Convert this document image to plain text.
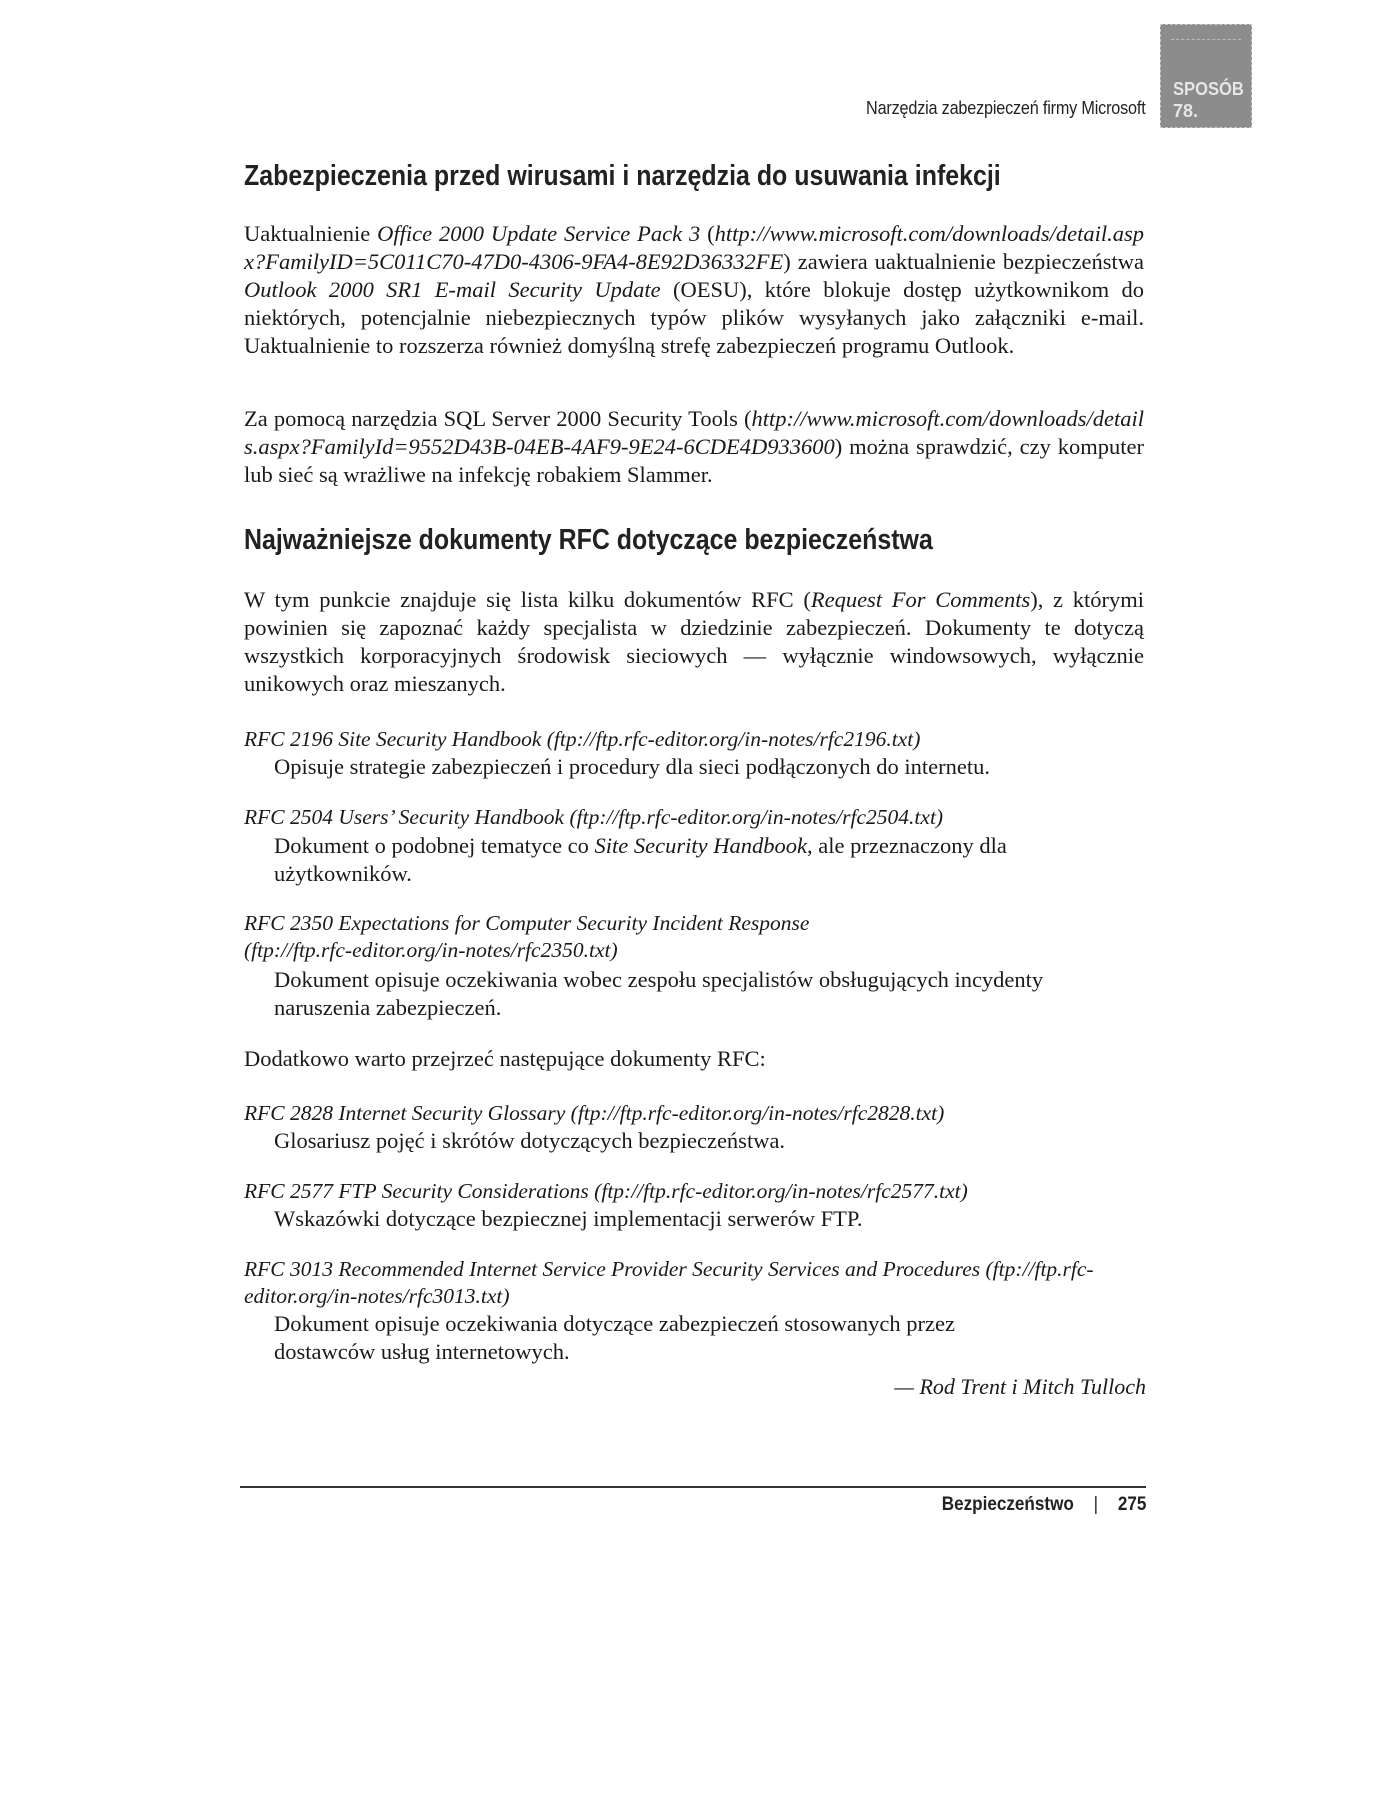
Narzędzia zabezpieczeń firmy Microsoft
SPOSÓB
78.
Zabezpieczenia przed wirusami i narzędzia do usuwania infekcji
Uaktualnienie Office 2000 Update Service Pack 3 (http://www.microsoft.com/downloads/detail.aspx?FamilyID=5C011C70-47D0-4306-9FA4-8E92D36332FE) zawiera uaktualnienie bezpieczeństwa Outlook 2000 SR1 E-mail Security Update (OESU), które blokuje dostęp użytkownikom do niektórych, potencjalnie niebezpiecznych typów plików wysyłanych jako załączniki e-mail. Uaktualnienie to rozszerza również domyślną strefę zabezpieczeń programu Outlook.
Za pomocą narzędzia SQL Server 2000 Security Tools (http://www.microsoft.com/downloads/details.aspx?FamilyId=9552D43B-04EB-4AF9-9E24-6CDE4D933600) można sprawdzić, czy komputer lub sieć są wrażliwe na infekcję robakiem Slammer.
Najważniejsze dokumenty RFC dotyczące bezpieczeństwa
W tym punkcie znajduje się lista kilku dokumentów RFC (Request For Comments), z którymi powinien się zapoznać każdy specjalista w dziedzinie zabezpieczeń. Dokumenty te dotyczą wszystkich korporacyjnych środowisk sieciowych — wyłącznie windowsowych, wyłącznie unikowych oraz mieszanych.
RFC 2196 Site Security Handbook (ftp://ftp.rfc-editor.org/in-notes/rfc2196.txt)
Opisuje strategie zabezpieczeń i procedury dla sieci podłączonych do internetu.
RFC 2504 Users’ Security Handbook (ftp://ftp.rfc-editor.org/in-notes/rfc2504.txt)
Dokument o podobnej tematyce co Site Security Handbook, ale przeznaczony dla użytkowników.
RFC 2350 Expectations for Computer Security Incident Response (ftp://ftp.rfc-editor.org/in-notes/rfc2350.txt)
Dokument opisuje oczekiwania wobec zespołu specjalistów obsługujących incydenty naruszenia zabezpieczeń.
Dodatkowo warto przejrzeć następujące dokumenty RFC:
RFC 2828 Internet Security Glossary (ftp://ftp.rfc-editor.org/in-notes/rfc2828.txt)
Glosariusz pojęć i skrótów dotyczących bezpieczeństwa.
RFC 2577 FTP Security Considerations (ftp://ftp.rfc-editor.org/in-notes/rfc2577.txt)
Wskazówki dotyczące bezpiecznej implementacji serwerów FTP.
RFC 3013 Recommended Internet Service Provider Security Services and Procedures (ftp://ftp.rfc-editor.org/in-notes/rfc3013.txt)
Dokument opisuje oczekiwania dotyczące zabezpieczeń stosowanych przez dostawców usług internetowych.
— Rod Trent i Mitch Tulloch
Bezpieczeństwo | 275
